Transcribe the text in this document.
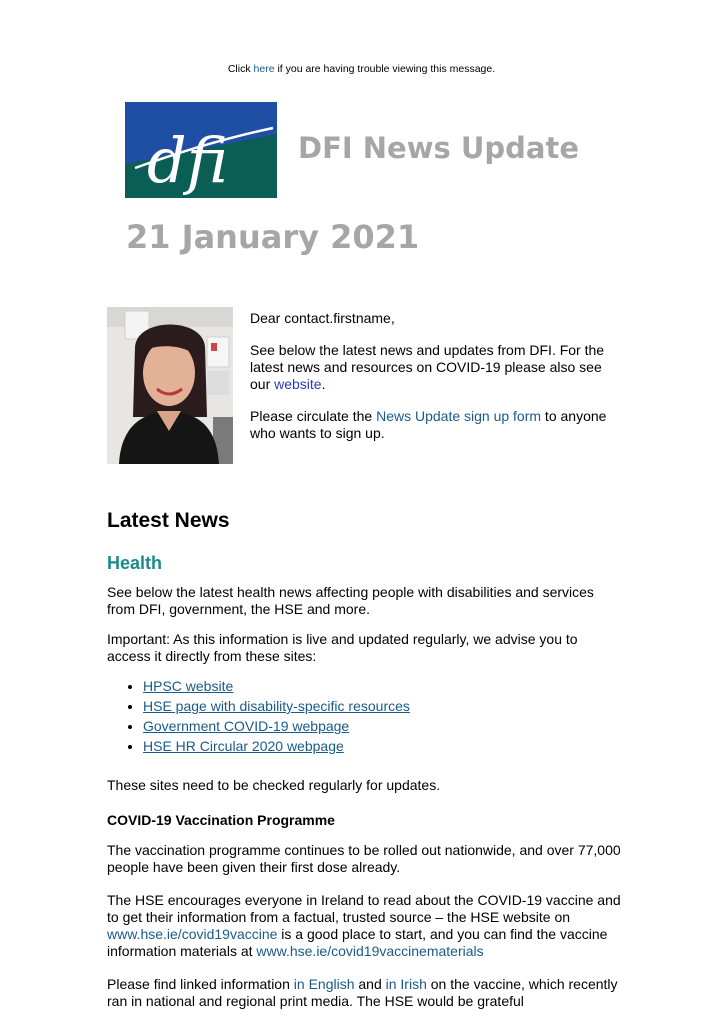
Click here if you are having trouble viewing this message.
dfi DFI News Update
21 January 2021

Dear contact.firstname,

See below the latest news and updates from DFI. For the latest news and resources on COVID-19 please also see our website.

Please circulate the News Update sign up form to anyone who wants to sign up.

Latest News
Health

See below the latest health news affecting people with disabilities and services from DFI, government, the HSE and more.

Important: As this information is live and updated regularly, we advise you to access it directly from these sites:

• HPSC website
• HSE page with disability-specific resources
• Government COVID-19 webpage
• HSE HR Circular 2020 webpage

These sites need to be checked regularly for updates.

COVID-19 Vaccination Programme

The vaccination programme continues to be rolled out nationwide, and over 77,000 people have been given their first dose already.

The HSE encourages everyone in Ireland to read about the COVID-19 vaccine and to get their information from a factual, trusted source – the HSE website on www.hse.ie/covid19vaccine is a good place to start, and you can find the vaccine information materials at www.hse.ie/covid19vaccinematerials

Please find linked information in English and in Irish on the vaccine, which recently ran in national and regional print media. The HSE would be grateful
